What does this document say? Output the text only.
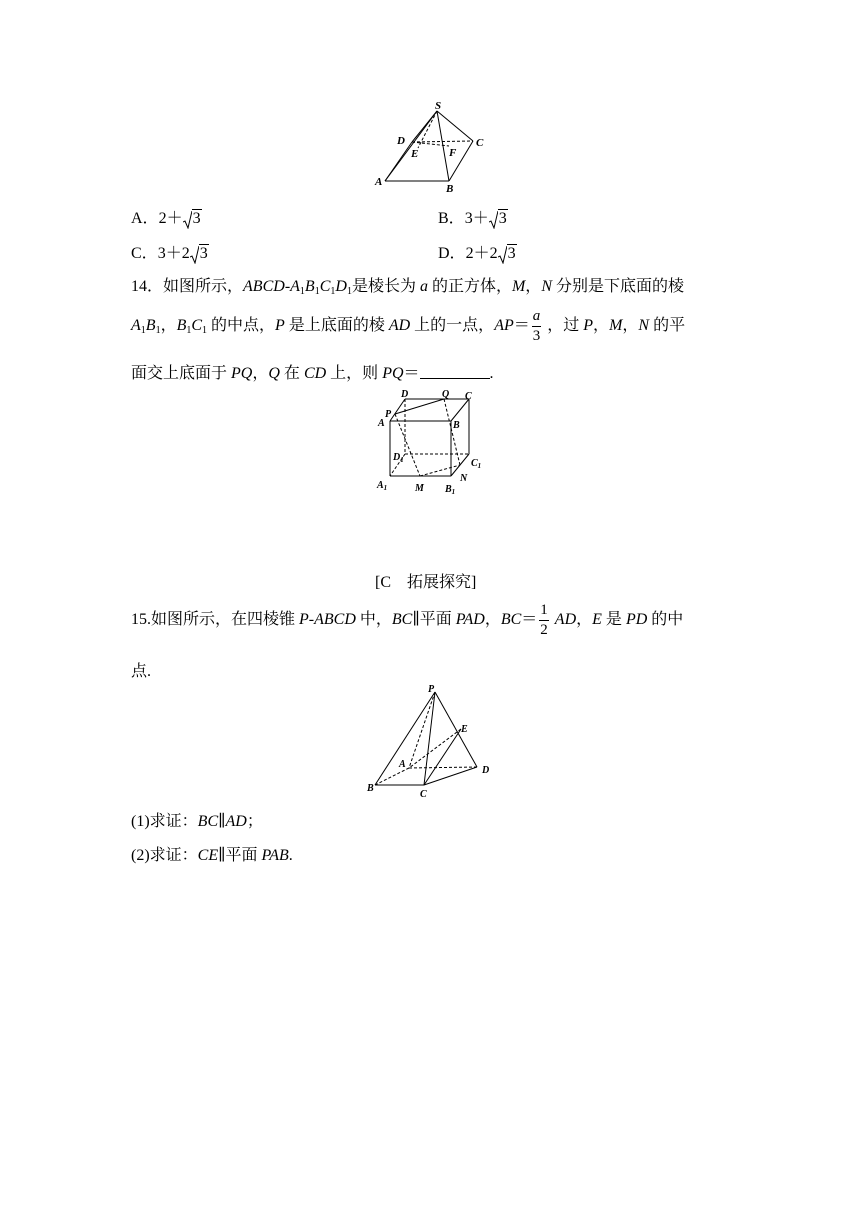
S
D	C
E	F
A
B
A．2＋ 3	B．3＋ 3
C．3＋2 3	D．2＋2 3
14．如图所示，ABCD-$A_1B_1C_1D_1$是棱长为 a 的正方体，M，N 分别是下底面的棱
$A_1B_1$，$B_1C_1$ 的中点，P 是上底面的棱 AD 上的一点，$AP= \frac{a}{3}$ ，过 P，M，N 的平
面交上底面于 PQ，Q 在 CD 上，则 PQ＝	.
D	Q C
P
A	B
$D_1$	$C_1$
$A_1$	M $B_1$
N
[C　拓展探究]
15.如图所示，在四棱锥 P-ABCD 中，BC∥平面 PAD，$BC= \frac{1}{2}$ AD，E 是 PD 的中
点.
P
E
A
D
B
C
(1)求证：BC∥AD；
(2)求证：CE∥平面 PAB.
